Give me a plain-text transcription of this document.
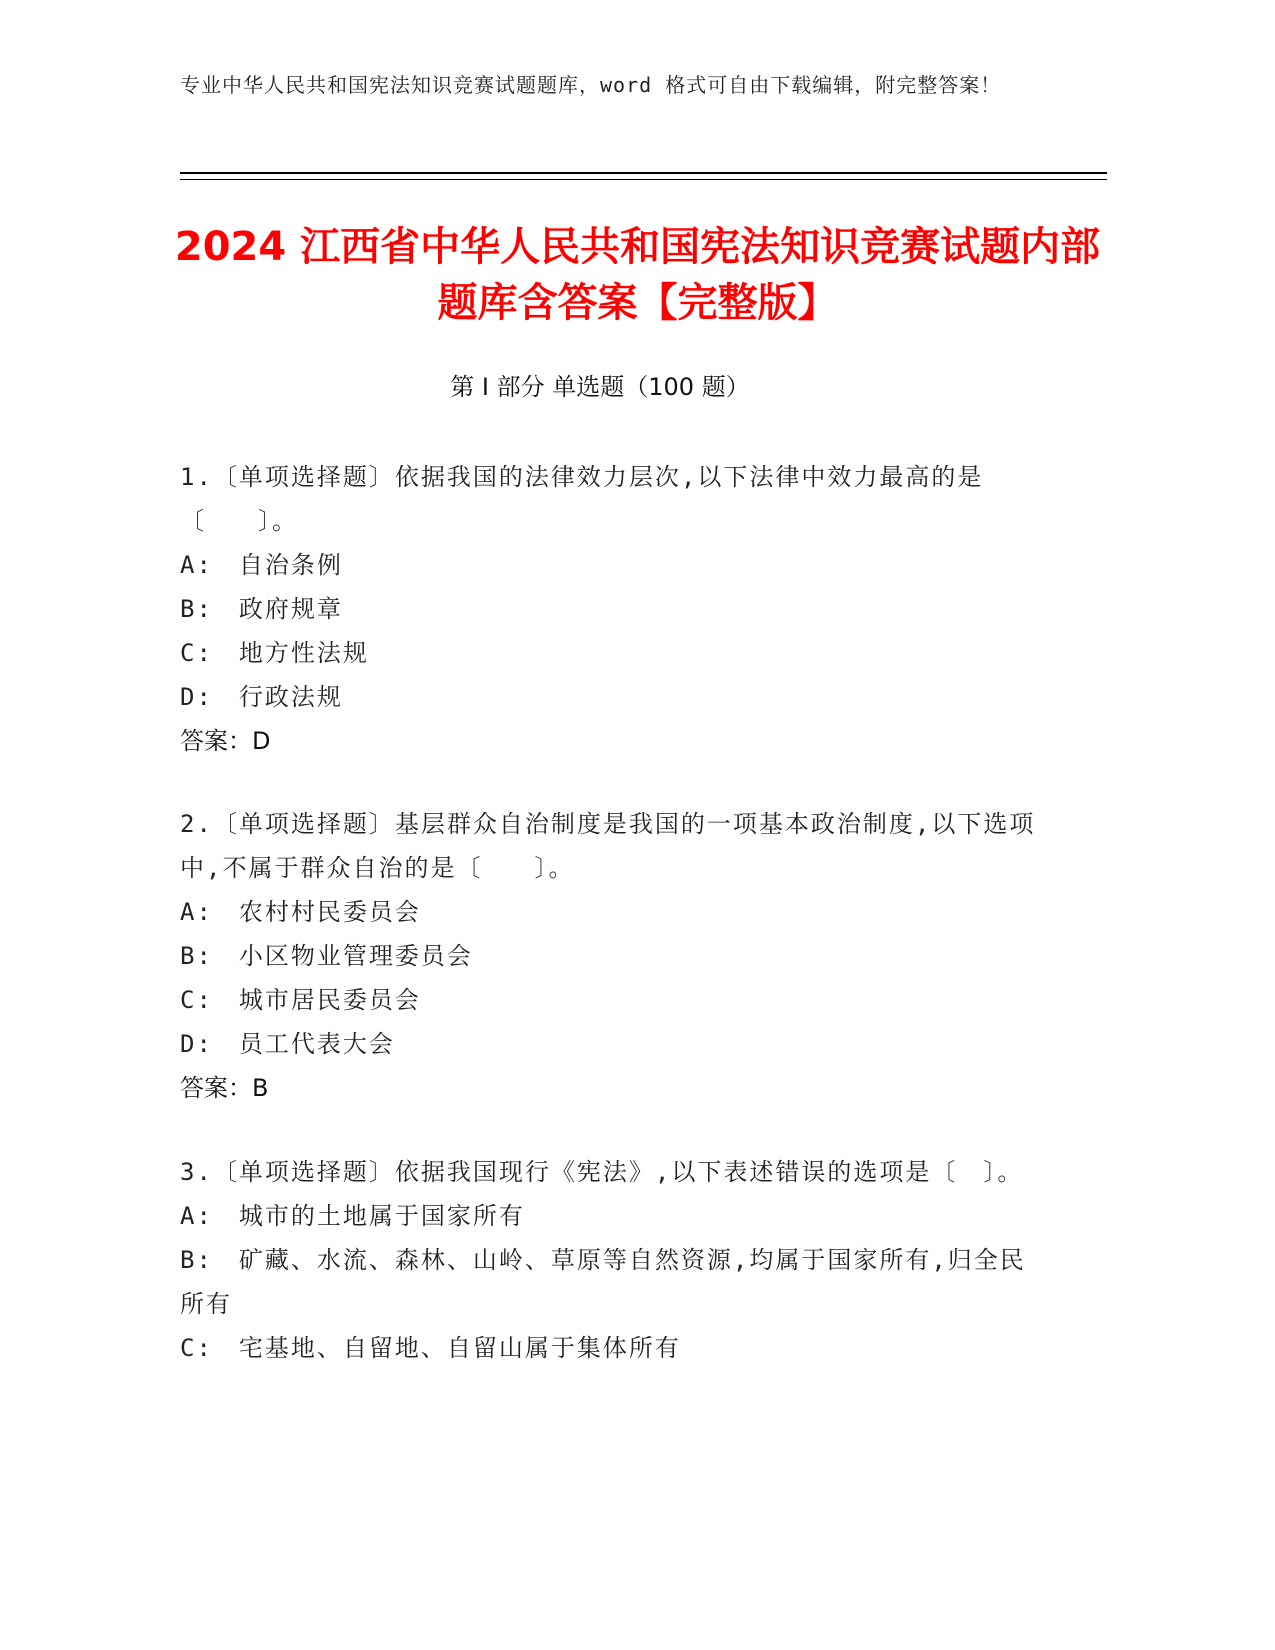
专业中华人民共和国宪法知识竞赛试题题库，word 格式可自由下载编辑，附完整答案！
2024 江西省中华人民共和国宪法知识竞赛试题内部题库含答案【完整版】
第 I 部分 单选题（100 题）
1.〔单项选择题〕依据我国的法律效力层次,以下法律中效力最高的是〔　　〕。
A:　自治条例
B:　政府规章
C:　地方性法规
D:　行政法规
答案：D
2.〔单项选择题〕基层群众自治制度是我国的一项基本政治制度,以下选项中,不属于群众自治的是〔　　〕。
A:　农村村民委员会
B:　小区物业管理委员会
C:　城市居民委员会
D:　员工代表大会
答案：B
3.〔单项选择题〕依据我国现行《宪法》,以下表述错误的选项是〔　〕。
A:　城市的土地属于国家所有
B:　矿藏、水流、森林、山岭、草原等自然资源,均属于国家所有,归全民所有
C:　宅基地、自留地、自留山属于集体所有
